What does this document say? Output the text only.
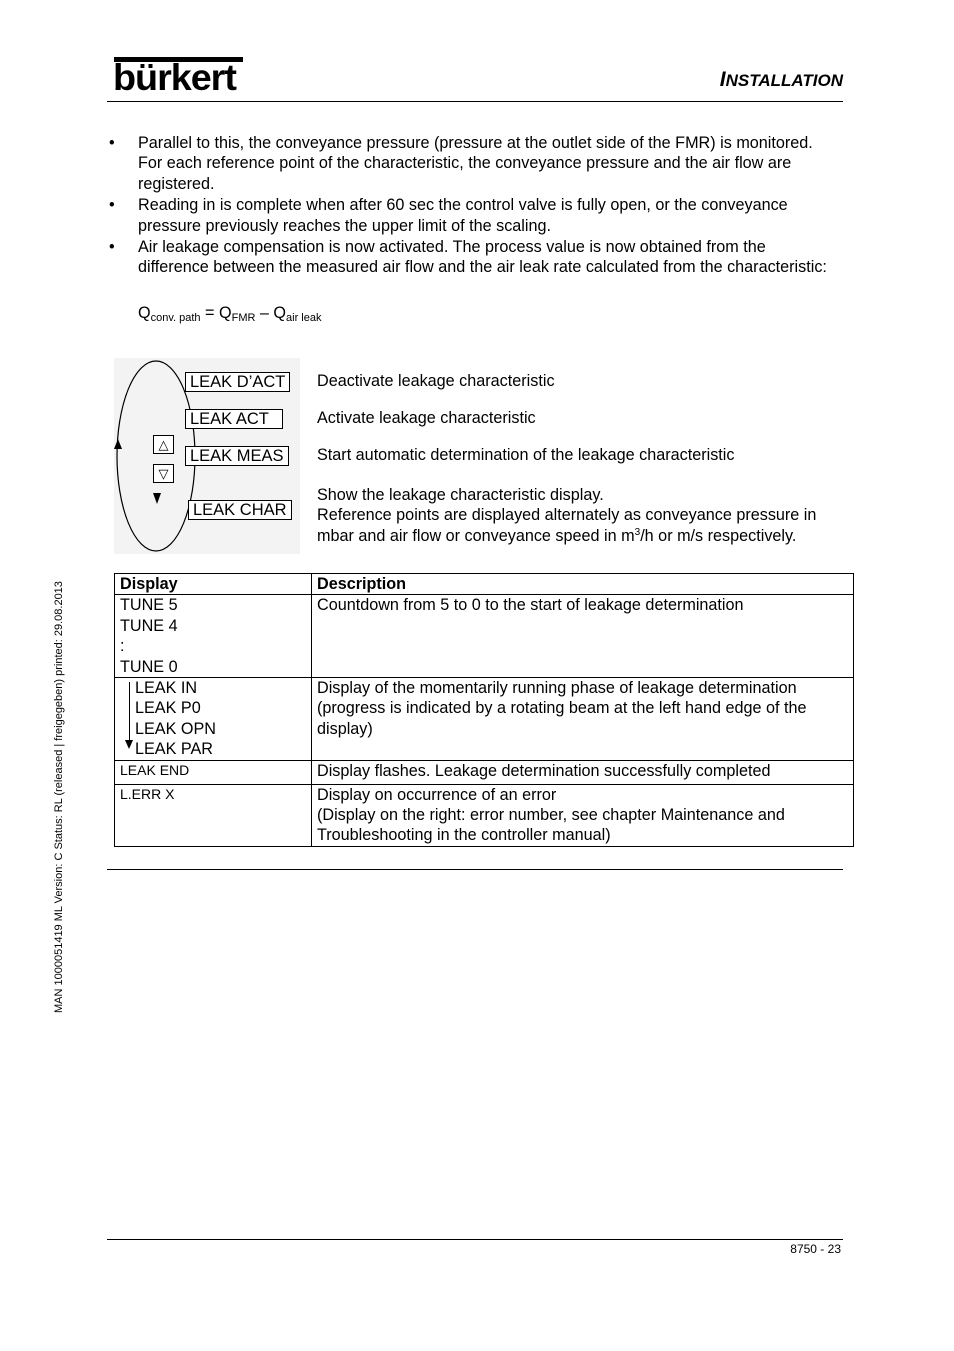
bürkert	INSTALLATION
• Parallel to this, the conveyance pressure (pressure at the outlet side of the FMR) is monitored. For each reference point of the characteristic, the conveyance pressure and the air flow are registered.
• Reading in is complete when after 60 sec the control valve is fully open, or the conveyance pressure previously reaches the upper limit of the scaling.
• Air leakage compensation is now activated. The process value is now obtained from the difference between the measured air flow and the air leak rate calculated from the characteristic:
$Q_{conv. path} = Q_{FMR} - Q_{air leak}$
△
▽
LEAK D’ACT
LEAK ACT
LEAK MEAS
LEAK CHAR
Deactivate leakage characteristic
Activate leakage characteristic
Start automatic determination of the leakage characteristic
Show the leakage characteristic display.
Reference points are displayed alternately as conveyance pressure in mbar and air flow or conveyance speed in $m^3/h$ or m/s respectively.
Display	Description

TUNE 5
TUNE 4
:
TUNE 0	Countdown from 5 to 0 to the start of leakage determination

LEAK IN
LEAK P0
LEAK OPN
LEAK PAR	Display of the momentarily running phase of leakage determination (progress is indicated by a rotating beam at the left hand edge of the display)

LEAK END	Display flashes. Leakage determination successfully completed

L.ERR X	Display on occurrence of an error
(Display on the right: error number, see chapter Maintenance and Troubleshooting in the controller manual)
MAN 1000051419 ML Version: C Status: RL (released | freigegeben) printed: 29.08.2013
8750 - 23
